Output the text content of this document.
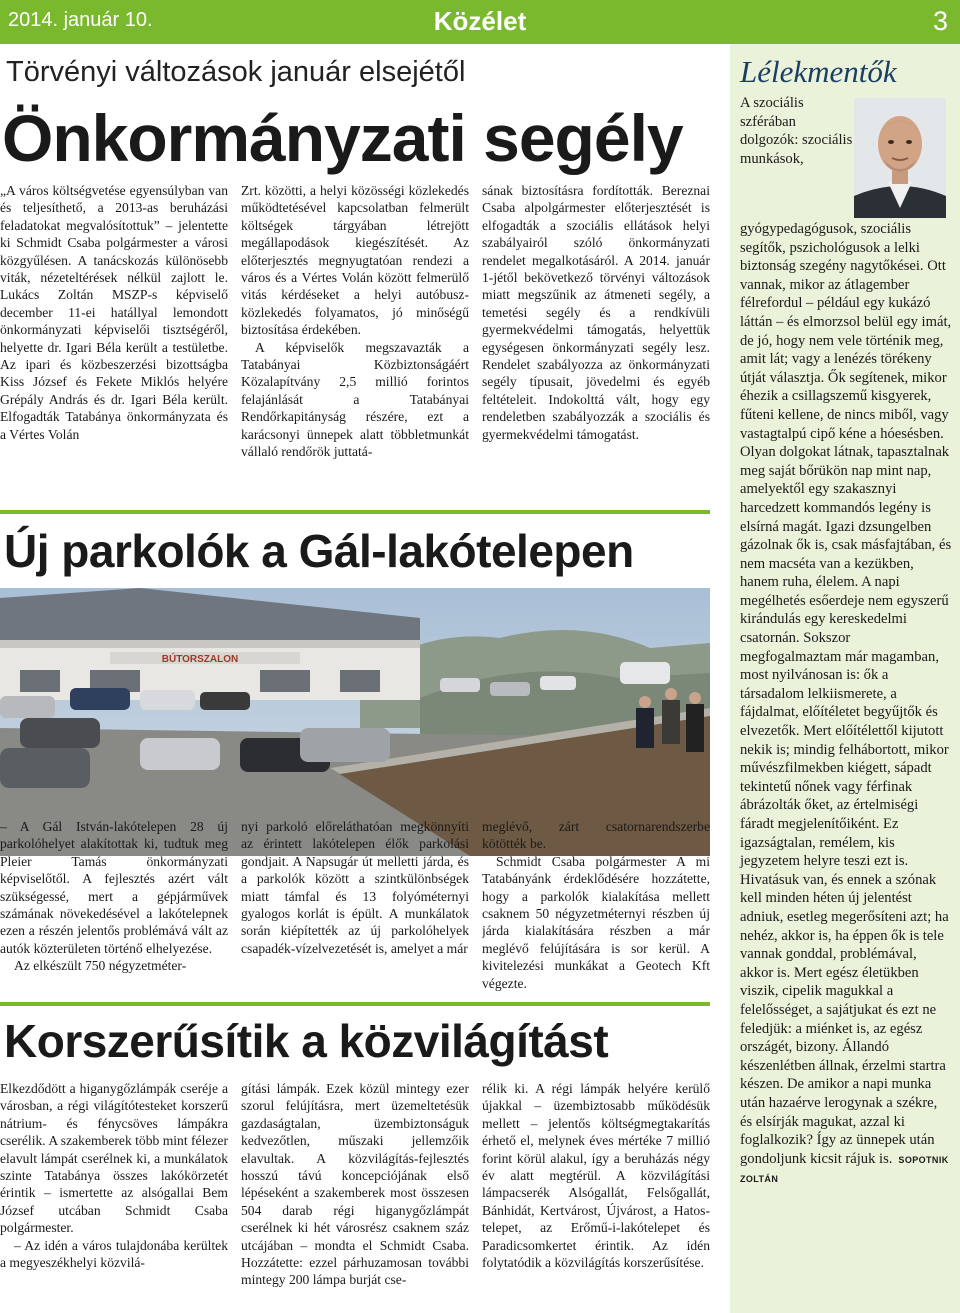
2014. január 10.	Közélet	3
Törvényi változások január elsejétől
Önkormányzati segély

„A város költségvetése egyensúlyban van és teljesíthető, a 2013-as beruházási feladatokat megvalósítottuk” – jelentette ki Schmidt Csaba polgármester a városi közgyűlésen. A tanácskozás különösebb viták, nézeteltérések nélkül zajlott le. Lukács Zoltán MSZP-s képviselő december 11-ei hatállyal lemondott önkormányzati képviselői tisztségéről, helyette dr. Igari Béla került a testületbe. Az ipari és közbeszerzési bizottságba Kiss József és Fekete Miklós helyére Grépály András és dr. Igari Béla került. Elfogadták Tatabánya önkormányzata és a Vértes Volán

Zrt. közötti, a helyi közösségi közlekedés működtetésével kapcsolatban felmerült költségek tárgyában létrejött megállapodások kiegészítését. Az előterjesztés megnyugtatóan rendezi a város és a Vértes Volán között felmerülő vitás kérdéseket a helyi autóbusz-közlekedés folyamatos, jó minőségű biztosítása érdekében.

A képviselők megszavazták a Tatabányai Közbiztonságáért Közalapítvány 2,5 millió forintos felajánlását a Tatabányai Rendőrkapitányság részére, ezt a karácsonyi ünnepek alatt többletmunkát vállaló rendőrök juttatá-

sának biztosításra fordították. Bereznai Csaba alpolgármester előterjesztését is elfogadták a szociális ellátások helyi szabályairól szóló önkormányzati rendelet megalkotásáról. A 2014. január 1-jétől bekövetkező törvényi változások miatt megszűnik az átmeneti segély, a temetési segély és a rendkívüli gyermekvédelmi támogatás, helyettük egységesen önkormányzati segély lesz. Rendelet szabályozza az önkormányzati segély típusait, jövedelmi és egyéb feltételeit. Indokolttá vált, hogy egy rendeletben szabályozzák a szociális és gyermekvédelmi támogatást.

Új parkolók a Gál-lakótelepen
BÚTORSZALON

– A Gál István-lakótelepen 28 új parkolóhelyet alakítottak ki, tudtuk meg Pleier Tamás önkormányzati képviselőtől. A fejlesztés azért vált szükségessé, mert a gépjárművek számának növekedésével a lakótelepnek ezen a részén jelentős problémává vált az autók közterületen történő elhelyezése.

Az elkészült 750 négyzetméter-

nyi parkoló előreláthatóan megkönnyíti az érintett lakótelepen élők parkolási gondjait. A Napsugár út melletti járda, és a parkolók között a szintkülönbségek miatt támfal és 13 folyóméternyi gyalogos korlát is épült. A munkálatok során kiépítették az új parkolóhelyek csapadék-vízelvezetését is, amelyet a már

meglévő, zárt csatornarendszerbe kötötték be.

Schmidt Csaba polgármester A mi Tatabányánk érdeklődésére hozzátette, hogy a parkolók kialakítása mellett csaknem 50 négyzetméternyi részben új járda kialakítására részben a már meglévő felújítására is sor kerül. A kivitelezési munkákat a Geotech Kft végezte.

Korszerűsítik a közvilágítást

Elkezdődött a higanygőzlámpák cseréje a városban, a régi világítótesteket korszerű nátrium- és fénycsöves lámpákra cserélik. A szakemberek több mint félezer elavult lámpát cserélnek ki, a munkálatok szinte Tatabánya összes lakókörzetét érintik – ismertette az alsógallai Bem József utcában Schmidt Csaba polgármester.

– Az idén a város tulajdonába kerültek a megyeszékhelyi közvilá-

gítási lámpák. Ezek közül mintegy ezer szorul felújításra, mert üzemeltetésük gazdaságtalan, üzembiztonságuk kedvezőtlen, műszaki jellemzőik elavultak. A közvilágítás-fejlesztés hosszú távú koncepciójának első lépéseként a szakemberek most összesen 504 darab régi higanygőzlámpát cserélnek ki hét városrész csaknem száz utcájában – mondta el Schmidt Csaba. Hozzátette: ezzel párhuzamosan további mintegy 200 lámpa burját cse-

rélik ki. A régi lámpák helyére kerülő újakkal – üzembiztosabb működésük mellett – jelentős költségmegtakarítás érhető el, melynek éves mértéke 7 millió forint körül alakul, így a beruházás négy év alatt megtérül. A közvilágítási lámpacserék Alsógallát, Felsőgallát, Bánhidát, Kertvárost, Újvárost, a Hatos-telepet, az Erőmű-i-lakótelepet és Paradicsomkertet érintik. Az idén folytatódik a közvilágítás korszerűsítése.

Lélekmentők
A szociális szférában dolgozók: szociális munkások, gyógypedagógusok, szociális segítők, pszichológusok a lelki biztonság szegény nagytőkései. Ott vannak, mikor az átlagember félrefordul – például egy kukázó láttán – és elmorzsol belül egy imát, de jó, hogy nem vele történik meg, amit lát; vagy a lenézés törékeny útját választja. Ők segítenek, mikor éhezik a csillagszemű kisgyerek, fűteni kellene, de nincs miből, vagy vastagtalpú cipő kéne a hóesésben. Olyan dolgokat látnak, tapasztalnak meg saját bőrükön nap mint nap, amelyektől egy szakasznyi harcedzett kommandós legény is elsírná magát. Igazi dzsungelben gázolnak ők is, csak másfajtában, és nem macséta van a kezükben, hanem ruha, élelem. A napi megélhetés esőerdeje nem egyszerű kirándulás egy kereskedelmi csatornán. Sokszor megfogalmaztam már magamban, most nyilvánosan is: ők a társadalom lelkiismerete, a fájdalmat, előítéletet begyűjtők és elvezetők. Mert előítélettől kijutott nekik is; mindig felhábortott, mikor művészfilmekben kiégett, sápadt tekintetű nőnek vagy férfinak ábrázolták őket, az értelmiségi fáradt megjelenítőiként. Ez igazságtalan, remélem, kis jegyzetem helyre teszi ezt is. Hivatásuk van, és ennek a szónak kell minden héten új jelentést adniuk, esetleg megerősíteni azt; ha nehéz, akkor is, ha éppen ők is tele vannak gonddal, problémával, akkor is. Mert egész életükben viszik, cipelik magukkal a felelősséget, a sajátjukat és ezt ne feledjük: a miénket is, az egész országét, bizony. Állandó készenlétben állnak, érzelmi startra készen. De amikor a napi munka után hazaérve lerogynak a székre, és elsírják magukat, azzal ki foglalkozik? Így az ünnepek után gondoljunk kicsit rájuk is. SOPOTNIK ZOLTÁN
